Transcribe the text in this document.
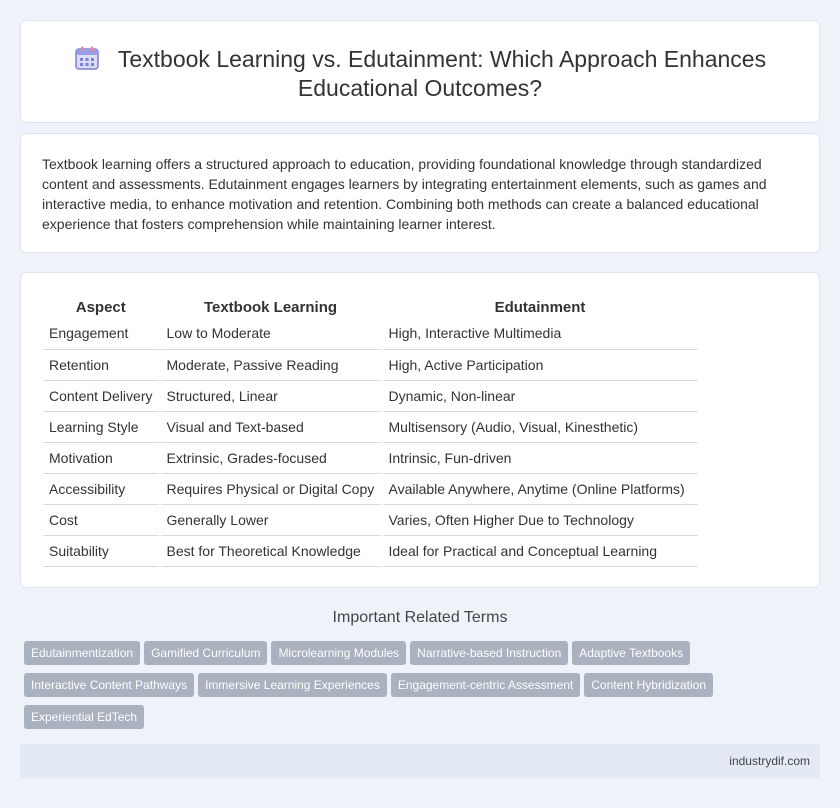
Textbook Learning vs. Edutainment: Which Approach Enhances Educational Outcomes?

Textbook learning offers a structured approach to education, providing foundational knowledge through standardized content and assessments. Edutainment engages learners by integrating entertainment elements, such as games and interactive media, to enhance motivation and retention. Combining both methods can create a balanced educational experience that fosters comprehension while maintaining learner interest.

Aspect	Textbook Learning	Edutainment
Engagement	Low to Moderate	High, Interactive Multimedia
Retention	Moderate, Passive Reading	High, Active Participation
Content Delivery	Structured, Linear	Dynamic, Non-linear
Learning Style	Visual and Text-based	Multisensory (Audio, Visual, Kinesthetic)
Motivation	Extrinsic, Grades-focused	Intrinsic, Fun-driven
Accessibility	Requires Physical or Digital Copy	Available Anywhere, Anytime (Online Platforms)
Cost	Generally Lower	Varies, Often Higher Due to Technology
Suitability	Best for Theoretical Knowledge	Ideal for Practical and Conceptual Learning
Important Related Terms
Edutainmentization Gamified Curriculum Microlearning Modules Narrative-based Instruction Adaptive TextbooksInteractive Content Pathways Immersive Learning Experiences Engagement-centric Assessment Content HybridizationExperiential EdTech
industrydif.com
